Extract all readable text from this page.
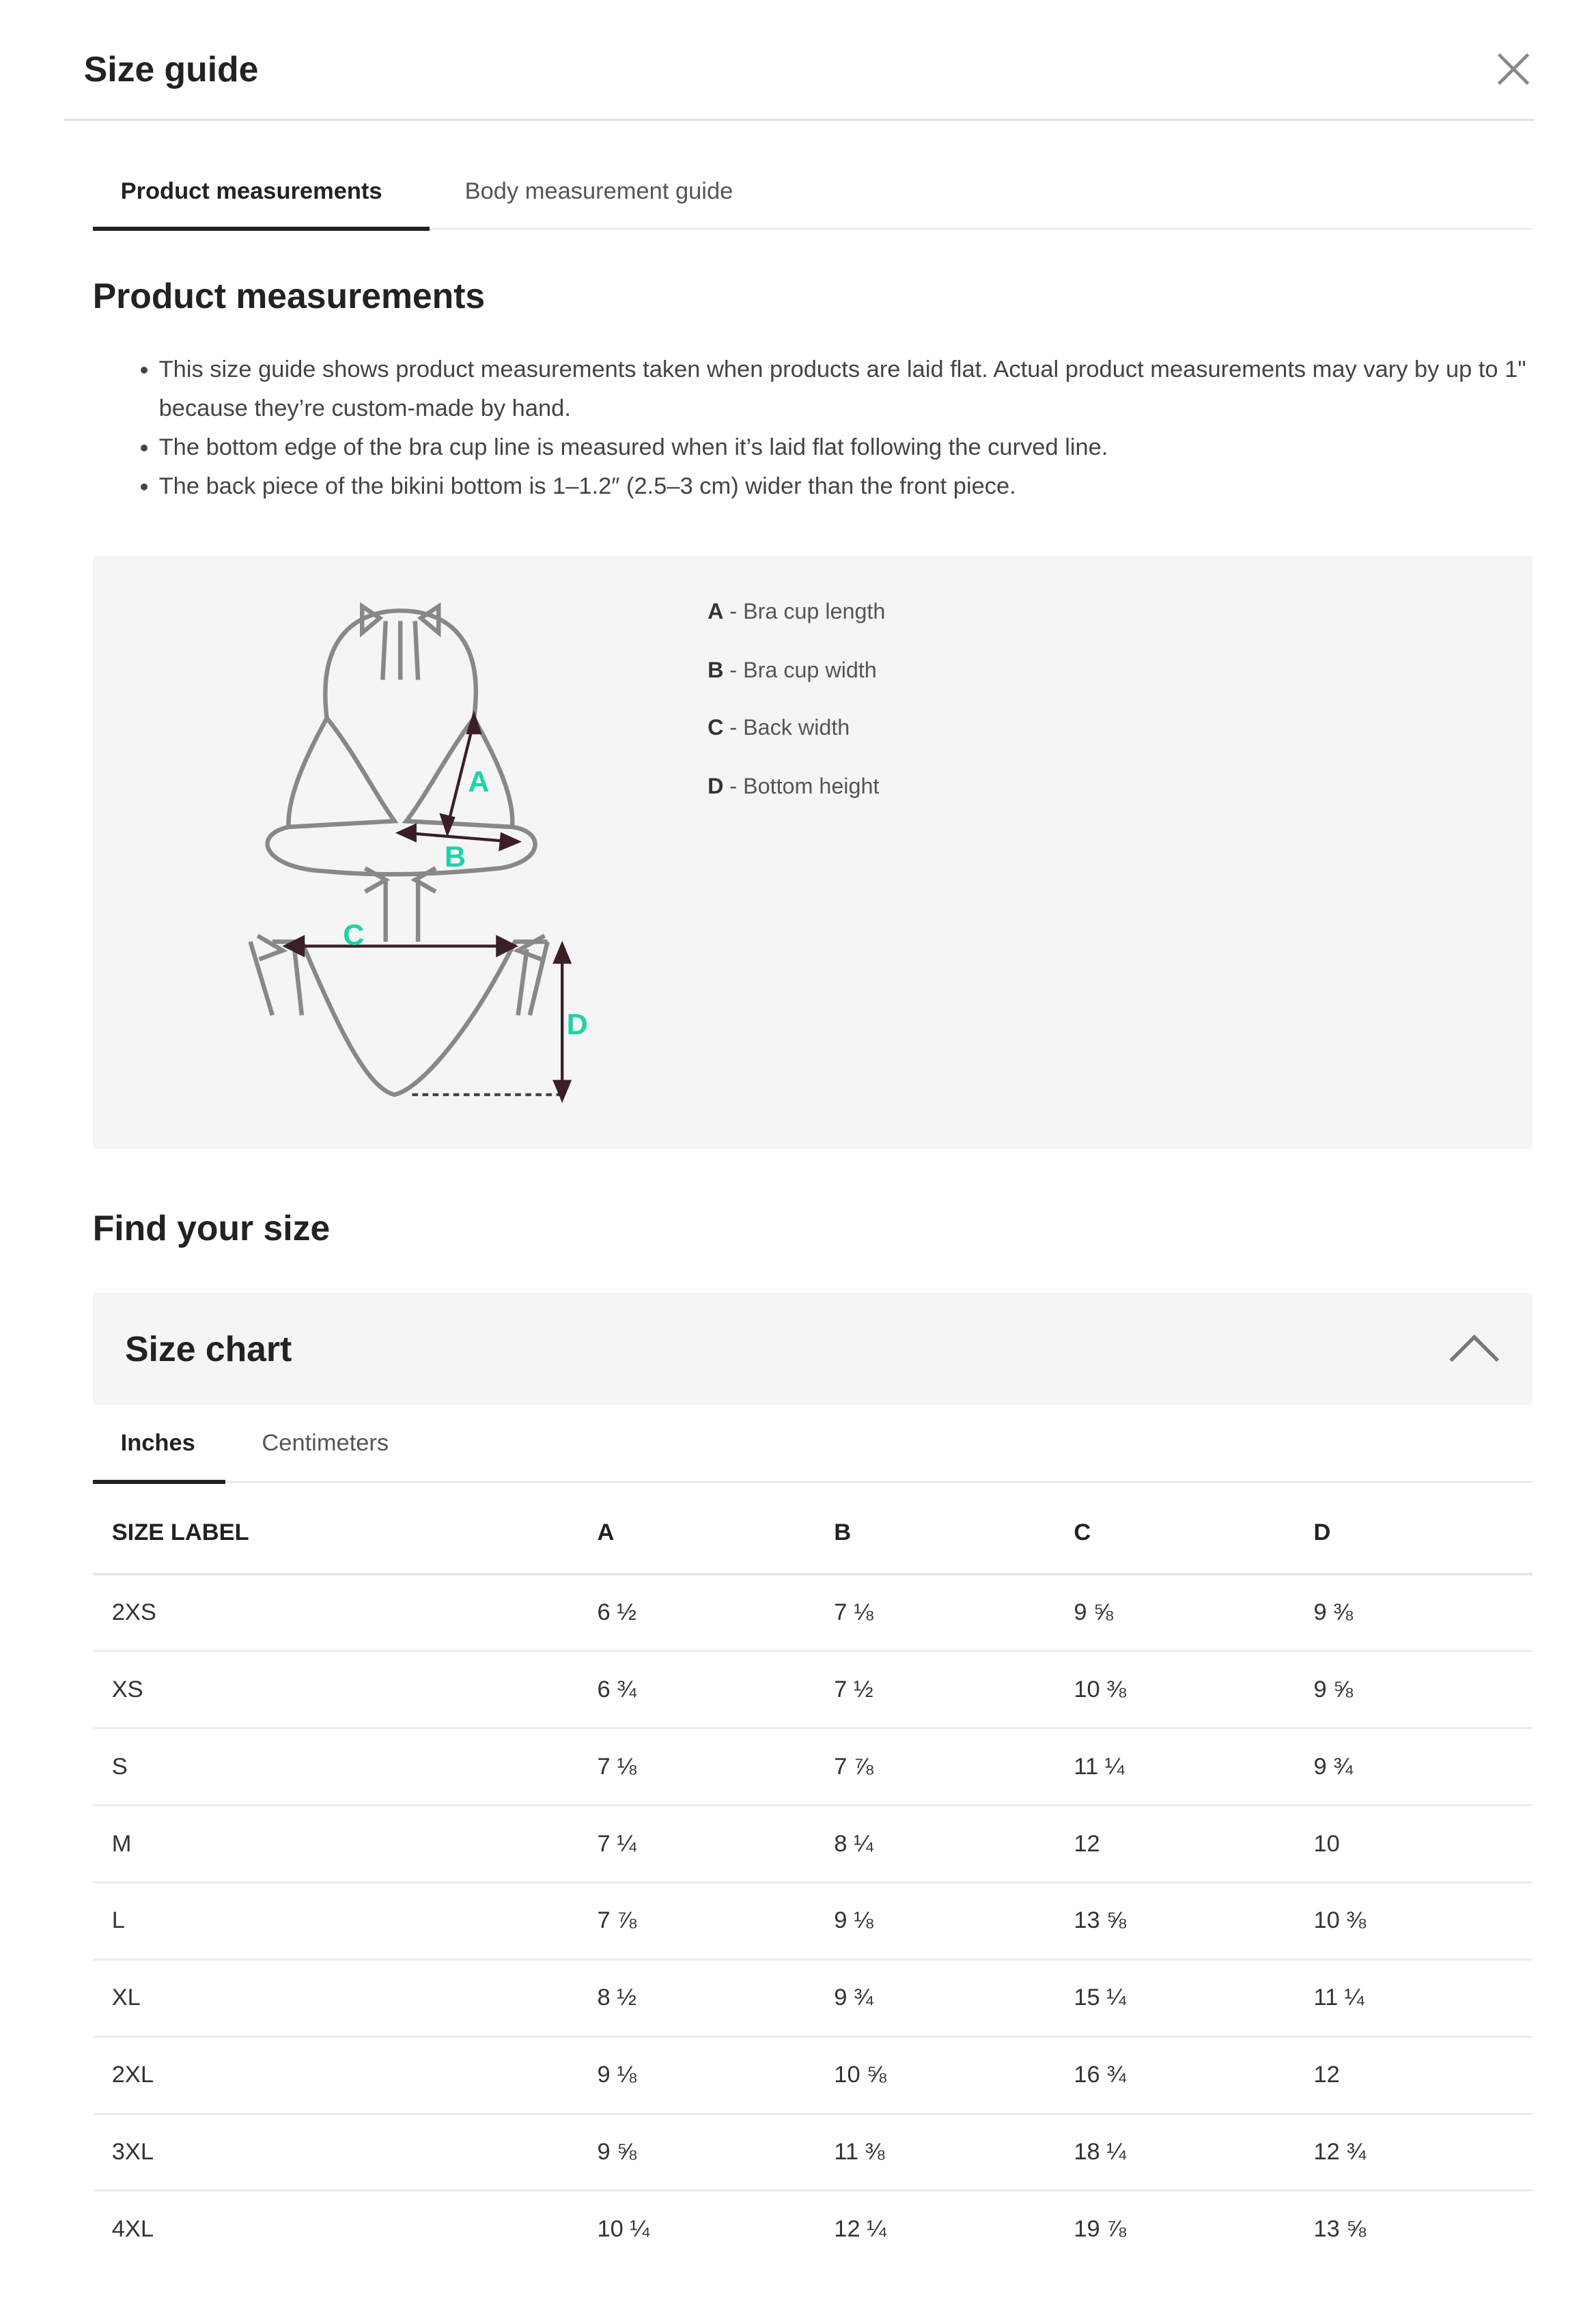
Size guide
Product measurements	Body measurement guide
Product measurements
• This size guide shows product measurements taken when products are laid flat. Actual product measurements may vary by up to 1" because they’re custom-made by hand.
• The bottom edge of the bra cup line is measured when it’s laid flat following the curved line.
• The back piece of the bikini bottom is 1–1.2″ (2.5–3 cm) wider than the front piece.
A
B
C
D
A - Bra cup length
B - Bra cup width
C - Back width
D - Bottom height
Find your size
Size chart
Inches	Centimeters
SIZE LABEL	A	B	C	D
2XS	6 ½	7 ⅛	9 ⅝	9 ⅜
XS	6 ¾	7 ½	10 ⅜	9 ⅝
S	7 ⅛	7 ⅞	11 ¼	9 ¾
M	7 ¼	8 ¼	12	10
L	7 ⅞	9 ⅛	13 ⅝	10 ⅜
XL	8 ½	9 ¾	15 ¼	11 ¼
2XL	9 ⅛	10 ⅝	16 ¾	12
3XL	9 ⅝	11 ⅜	18 ¼	12 ¾
4XL	10 ¼	12 ¼	19 ⅞	13 ⅝
